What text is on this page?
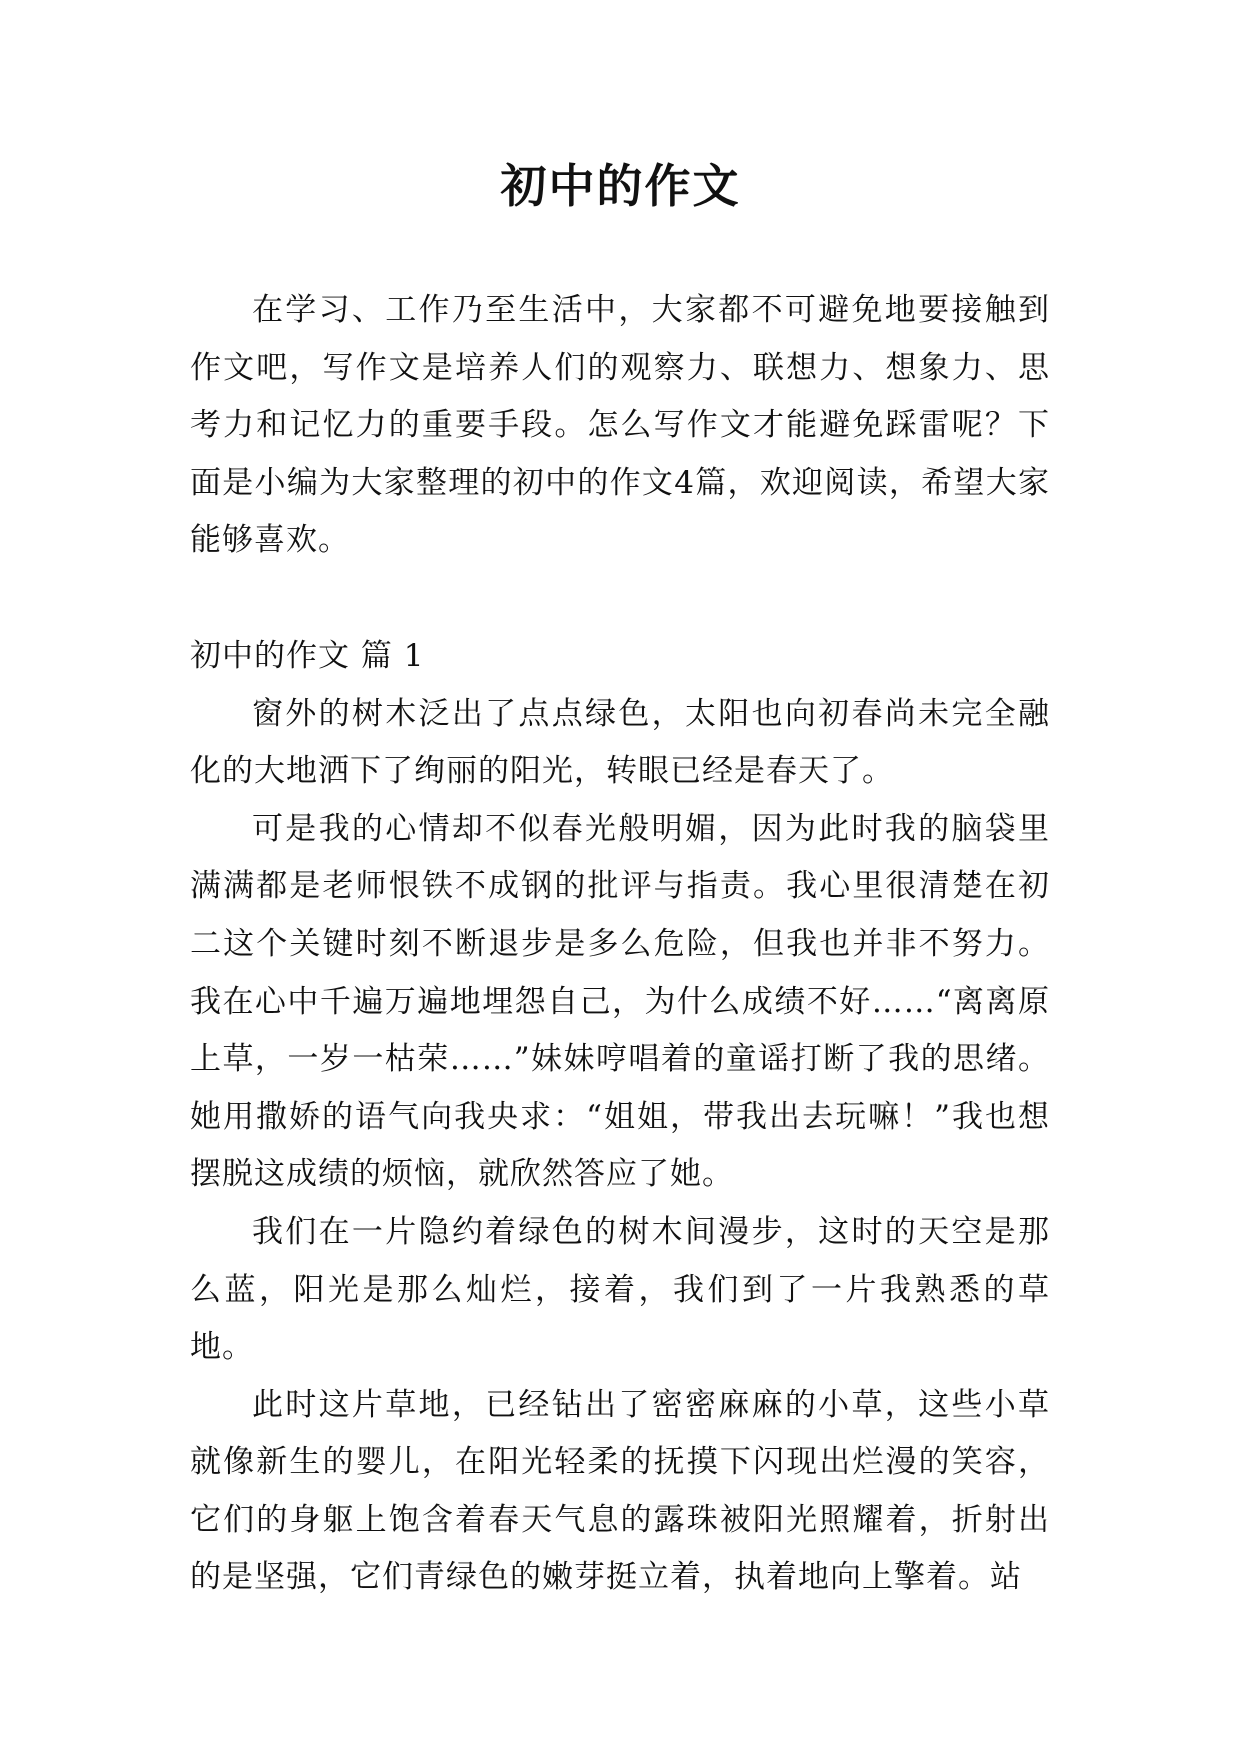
初中的作文

在学习、工作乃至生活中，大家都不可避免地要接触到作文吧，写作文是培养人们的观察力、联想力、想象力、思考力和记忆力的重要手段。怎么写作文才能避免踩雷呢？下面是小编为大家整理的初中的作文4篇，欢迎阅读，希望大家能够喜欢。

初中的作文 篇 1

窗外的树木泛出了点点绿色，太阳也向初春尚未完全融化的大地洒下了绚丽的阳光，转眼已经是春天了。

可是我的心情却不似春光般明媚，因为此时我的脑袋里满满都是老师恨铁不成钢的批评与指责。我心里很清楚在初二这个关键时刻不断退步是多么危险，但我也并非不努力。我在心中千遍万遍地埋怨自己，为什么成绩不好……“离离原上草，一岁一枯荣……”妹妹哼唱着的童谣打断了我的思绪。她用撒娇的语气向我央求：“姐姐，带我出去玩嘛！”我也想摆脱这成绩的烦恼，就欣然答应了她。

我们在一片隐约着绿色的树木间漫步，这时的天空是那么蓝，阳光是那么灿烂，接着，我们到了一片我熟悉的草地。

此时这片草地，已经钻出了密密麻麻的小草，这些小草就像新生的婴儿，在阳光轻柔的抚摸下闪现出烂漫的笑容，它们的身躯上饱含着春天气息的露珠被阳光照耀着，折射出的是坚强，它们青绿色的嫩芽挺立着，执着地向上擎着。站
